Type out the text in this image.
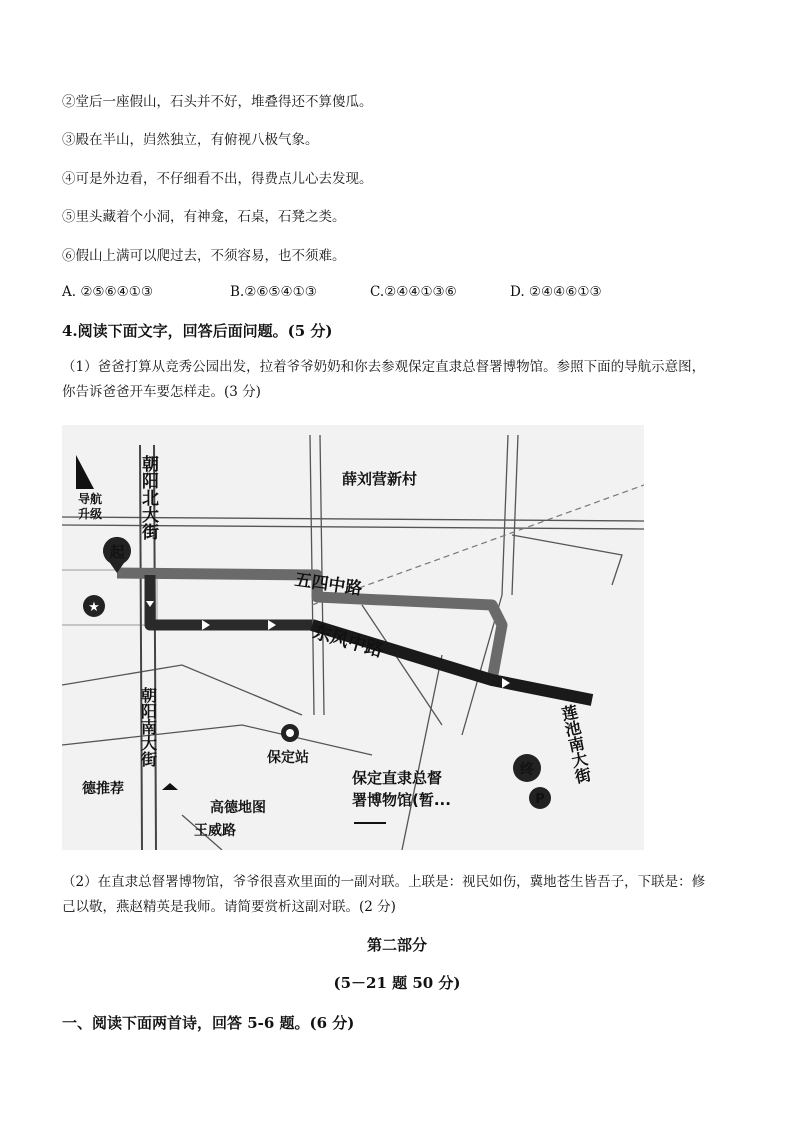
②堂后一座假山，石头并不好，堆叠得还不算傻瓜。
③殿在半山，岿然独立，有俯视八极气象。
④可是外边看，不仔细看不出，得费点儿心去发现。
⑤里头藏着个小洞，有神龛，石桌，石凳之类。
⑥假山上满可以爬过去，不须容易，也不须难。
A. ②⑤⑥④①③	B.②⑥⑤④①③	C.②④④①③⑥	D. ②④④⑥①③
4.阅读下面文字，回答后面问题。(5 分)
（1）爸爸打算从竞秀公园出发，拉着爷爷奶奶和你去参观保定直隶总督署博物馆。参照下面的导航示意图，
你告诉爸爸开车要怎样走。(3 分)
起
★
终
P
导航
升级
薛刘营新村
朝阳北大街
朝阳南大街
五四中路
东风中路
莲池南大街
保定站
保定直隶总督
署博物馆(暂...
德推荐
高德地图
王威路
（2）在直隶总督署博物馆，爷爷很喜欢里面的一副对联。上联是：视民如伤，冀地苍生皆吾子，下联是：修
己以敬，燕赵精英是我师。请简要赏析这副对联。(2 分)
第二部分
(5－21 题 50 分)
一、阅读下面两首诗，回答 5-6 题。(6 分)
